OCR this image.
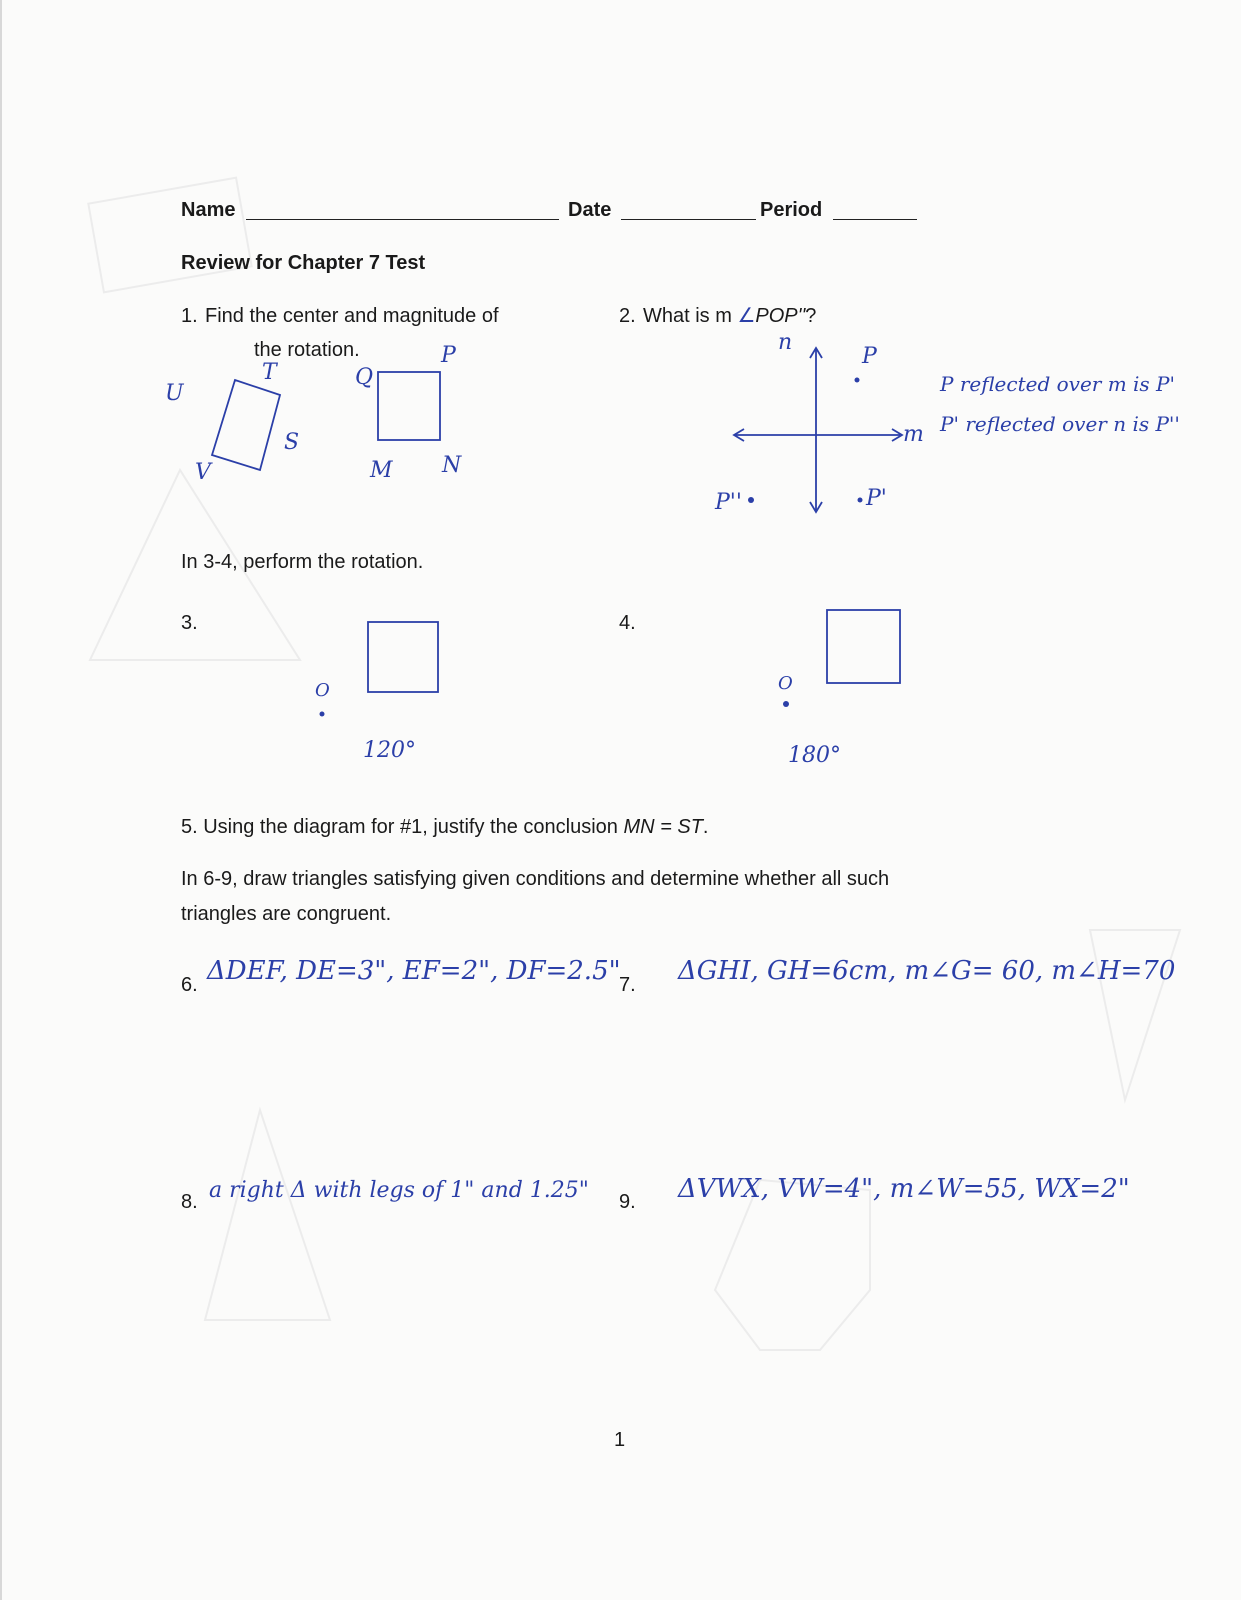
Name	Date	Period
Review for Chapter 7 Test
1. Find the center and magnitude of
the rotation.
U
T
S
V
Q
P
M N
2. What is m ∠POP''?
n
m
P
P'
P''
P reflected over m is P'
P' reflected over n is P''
In 3-4, perform the rotation.
3.
O
120°
4.
O
180°
5. Using the diagram for #1, justify the conclusion MN = ST.
In 6-9, draw triangles satisfying given conditions and determine whether all such
triangles are congruent.
6. ΔDEF, DE=3", EF=2", DF=2.5"
7. ΔGHI, GH=6cm, m∠G= 60, m∠H=70
8. a right Δ with legs of 1" and 1.25" 9. ΔVWX, VW=4", m∠W=55, WX=2"
1
